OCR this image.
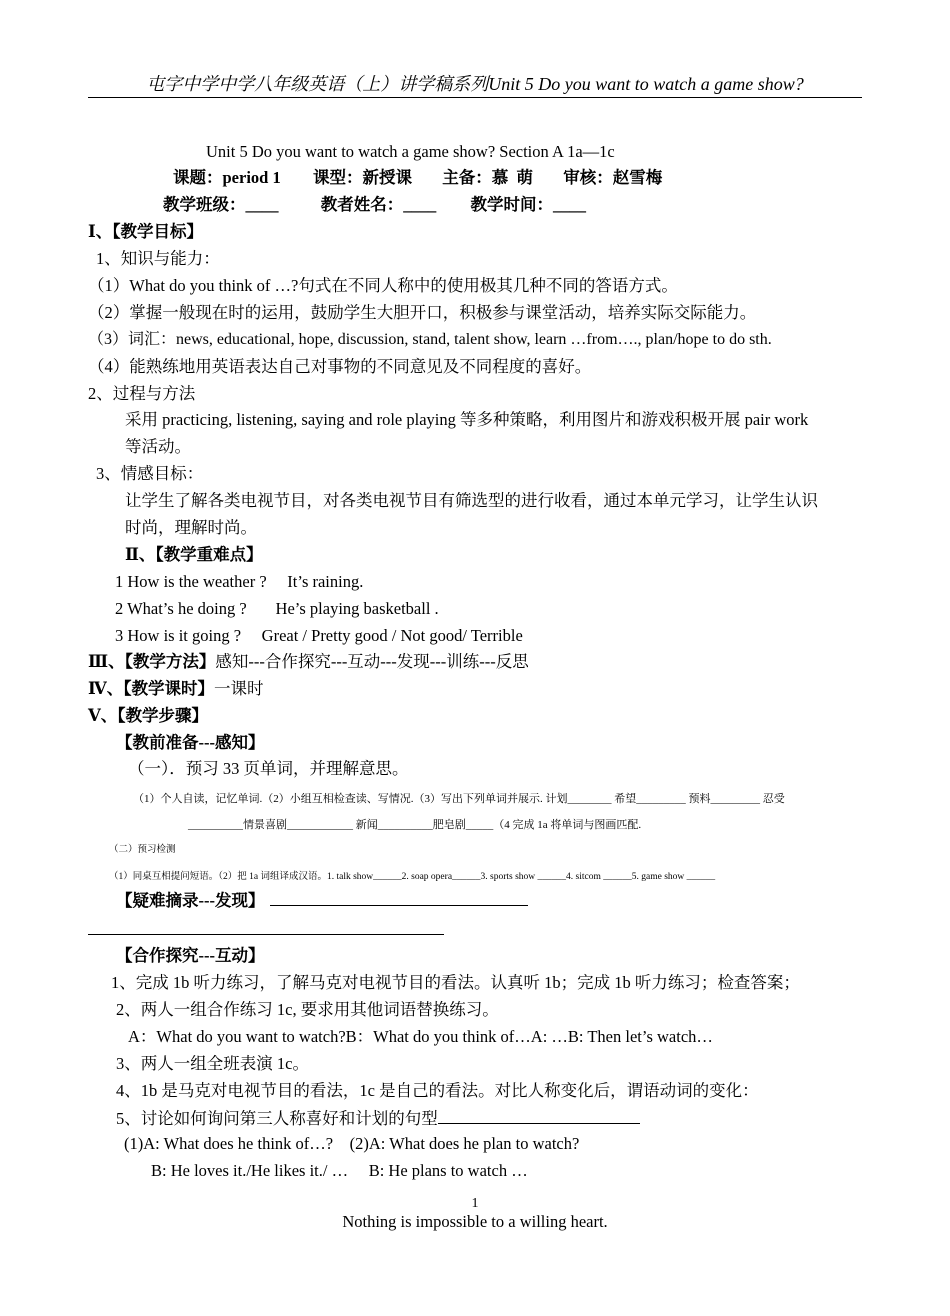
屯字中学中学八年级英语（上）讲学稿系列Unit 5 Do you want to watch a game show?
Unit 5 Do you want to watch a game show? Section A 1a—1c
课题：period 1 课型：新授课 主备：慕  萌 审核：赵雪梅
教学班级：____	教者姓名：____ 教学时间：____
Ⅰ、【教学目标】
1、知识与能力：
（1）What do you think of …?句式在不同人称中的使用极其几种不同的答语方式。
（2）掌握一般现在时的运用，鼓励学生大胆开口，积极参与课堂活动，培养实际交际能力。
（3）词汇：news, educational, hope, discussion, stand, talent show, learn …from…., plan/hope to do sth.
（4）能熟练地用英语表达自己对事物的不同意见及不同程度的喜好。
2、过程与方法
采用 practicing, listening, saying and role playing 等多种策略，利用图片和游戏积极开展 pair work
等活动。
3、情感目标：
让学生了解各类电视节目，对各类电视节目有筛选型的进行收看，通过本单元学习，让学生认识
时尚，理解时尚。
Ⅱ、【教学重难点】
1 How is the weather ?     It’s raining.
2 What’s he doing ?       He’s playing basketball .
3 How is it going ?     Great / Pretty good / Not good/ Terrible
Ⅲ、【教学方法】感知---合作探究---互动---发现---训练---反思
Ⅳ、【教学课时】一课时
Ⅴ、【教学步骤】
【教前准备---感知】
（一）．预习 33 页单词，并理解意思。
（1）个人自读，记忆单词.（2）小组互相检查读、写情况.（3）写出下列单词并展示. 计划________ 希望_________ 预料_________ 忍受
__________情景喜剧____________ 新闻__________肥皂剧_____（4 完成 1a 将单词与图画匹配.
（二）预习检测
（1）同桌互相提问短语。（2）把 1a 词组译成汉语。1. talk show______2. soap opera______3. sports show ______4. sitcom ______5. game show ______
【疑难摘录---发现】
【合作探究---互动】
1、完成 1b 听力练习，了解马克对电视节目的看法。认真听 1b；完成 1b 听力练习；检查答案；
2、两人一组合作练习 1c, 要求用其他词语替换练习。
A：What do you want to watch?B：What do you think of…A: …B: Then let’s watch…
3、两人一组全班表演 1c。
4、1b 是马克对电视节目的看法，1c 是自己的看法。对比人称变化后，谓语动词的变化：
5、讨论如何询问第三人称喜好和计划的句型
(1)A: What does he think of…?    (2)A: What does he plan to watch?
B: He loves it./He likes it./ …     B: He plans to watch …
1
Nothing is impossible to a willing heart.
